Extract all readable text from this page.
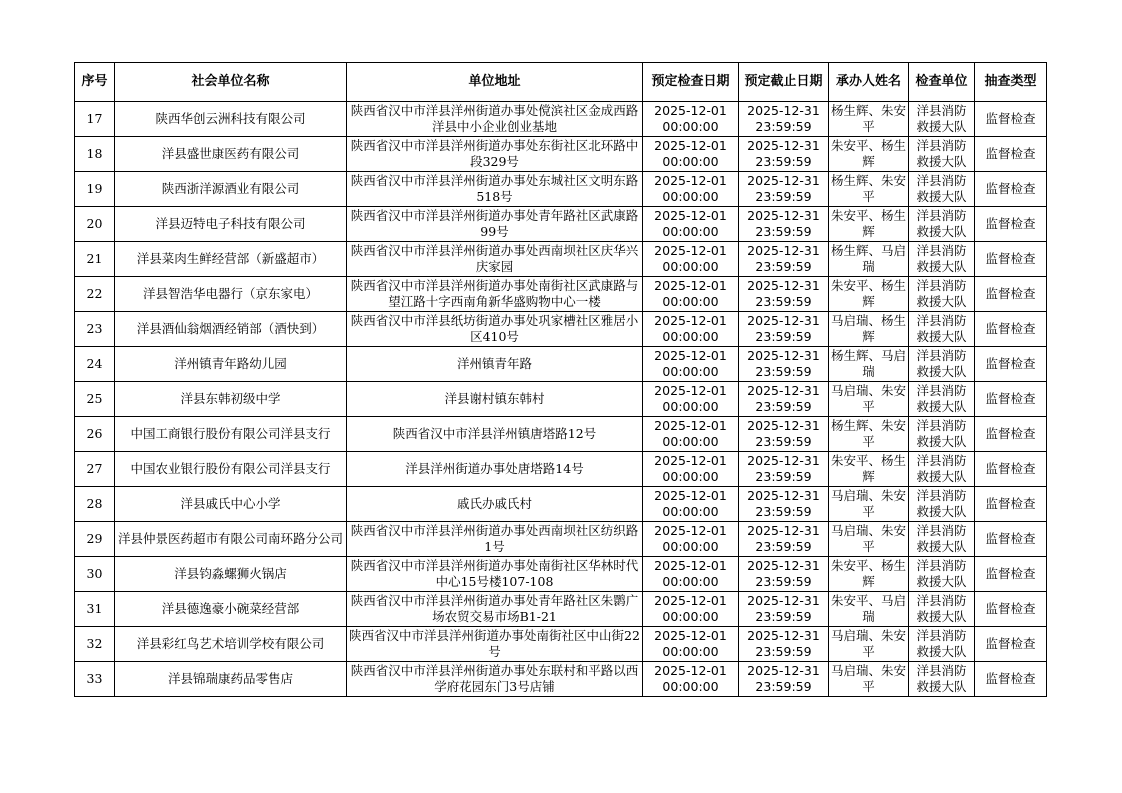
序号	社会单位名称	单位地址	预定检查日期	预定截止日期	承办人姓名	检查单位	抽查类型
17	陕西华创云洲科技有限公司	陕西省汉中市洋县洋州街道办事处傥滨社区金成西路洋县中小企业创业基地	2025-12-01 00:00:00	2025-12-31 23:59:59	杨生辉、朱安平	洋县消防救援大队	监督检查
18	洋县盛世康医药有限公司	陕西省汉中市洋县洋州街道办事处东街社区北环路中段329号	2025-12-01 00:00:00	2025-12-31 23:59:59	朱安平、杨生辉	洋县消防救援大队	监督检查
19	陕西浙洋源酒业有限公司	陕西省汉中市洋县洋州街道办事处东城社区文明东路518号	2025-12-01 00:00:00	2025-12-31 23:59:59	杨生辉、朱安平	洋县消防救援大队	监督检查
20	洋县迈特电子科技有限公司	陕西省汉中市洋县洋州街道办事处青年路社区武康路99号	2025-12-01 00:00:00	2025-12-31 23:59:59	朱安平、杨生辉	洋县消防救援大队	监督检查
21	洋县菜肉生鲜经营部（新盛超市）	陕西省汉中市洋县洋州街道办事处西南坝社区庆华兴庆家园	2025-12-01 00:00:00	2025-12-31 23:59:59	杨生辉、马启瑞	洋县消防救援大队	监督检查
22	洋县智浩华电器行（京东家电）	陕西省汉中市洋县洋州街道办事处南街社区武康路与望江路十字西南角新华盛购物中心一楼	2025-12-01 00:00:00	2025-12-31 23:59:59	朱安平、杨生辉	洋县消防救援大队	监督检查
23	洋县酒仙翁烟酒经销部（酒快到）	陕西省汉中市洋县纸坊街道办事处巩家槽社区雅居小区410号	2025-12-01 00:00:00	2025-12-31 23:59:59	马启瑞、杨生辉	洋县消防救援大队	监督检查
24	洋州镇青年路幼儿园	洋州镇青年路	2025-12-01 00:00:00	2025-12-31 23:59:59	杨生辉、马启瑞	洋县消防救援大队	监督检查
25	洋县东韩初级中学	洋县谢村镇东韩村	2025-12-01 00:00:00	2025-12-31 23:59:59	马启瑞、朱安平	洋县消防救援大队	监督检查
26	中国工商银行股份有限公司洋县支行	陕西省汉中市洋县洋州镇唐塔路12号	2025-12-01 00:00:00	2025-12-31 23:59:59	杨生辉、朱安平	洋县消防救援大队	监督检查
27	中国农业银行股份有限公司洋县支行	洋县洋州街道办事处唐塔路14号	2025-12-01 00:00:00	2025-12-31 23:59:59	朱安平、杨生辉	洋县消防救援大队	监督检查
28	洋县戚氏中心小学	戚氏办戚氏村	2025-12-01 00:00:00	2025-12-31 23:59:59	马启瑞、朱安平	洋县消防救援大队	监督检查
29	洋县仲景医药超市有限公司南环路分公司	陕西省汉中市洋县洋州街道办事处西南坝社区纺织路1号	2025-12-01 00:00:00	2025-12-31 23:59:59	马启瑞、朱安平	洋县消防救援大队	监督检查
30	洋县钧淼螺狮火锅店	陕西省汉中市洋县洋州街道办事处南街社区华林时代中心15号楼107-108	2025-12-01 00:00:00	2025-12-31 23:59:59	朱安平、杨生辉	洋县消防救援大队	监督检查
31	洋县德逸豪小碗菜经营部	陕西省汉中市洋县洋州街道办事处青年路社区朱鹮广场农贸交易市场B1-21	2025-12-01 00:00:00	2025-12-31 23:59:59	朱安平、马启瑞	洋县消防救援大队	监督检查
32	洋县彩红鸟艺术培训学校有限公司	陕西省汉中市洋县洋州街道办事处南街社区中山街22号	2025-12-01 00:00:00	2025-12-31 23:59:59	马启瑞、朱安平	洋县消防救援大队	监督检查
33	洋县锦瑞康药品零售店	陕西省汉中市洋县洋州街道办事处东联村和平路以西学府花园东门3号店铺	2025-12-01 00:00:00	2025-12-31 23:59:59	马启瑞、朱安平	洋县消防救援大队	监督检查
